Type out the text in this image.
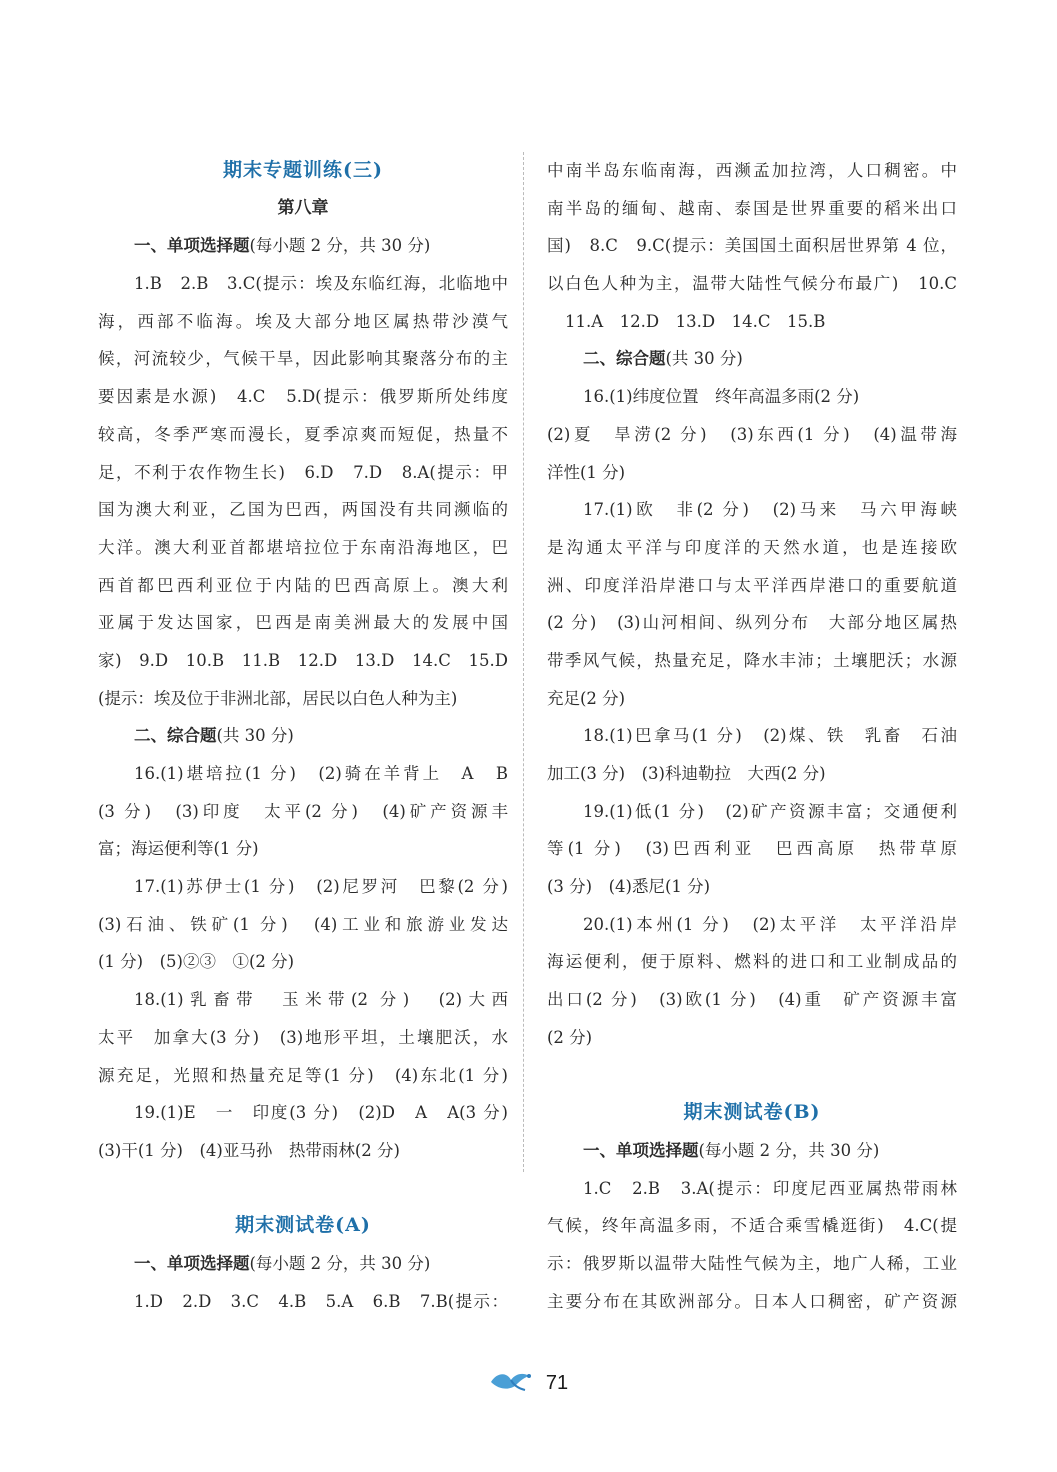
期末专题训练(三)
第八章
一、单项选择题(每小题 2 分，共 30 分)
1.B　2.B　3.C(提示：埃及东临红海，北临地中
海，西部不临海。埃及大部分地区属热带沙漠气
候，河流较少，气候干旱，因此影响其聚落分布的主
要因素是水源)　4.C　5.D(提示：俄罗斯所处纬度
较高，冬季严寒而漫长，夏季凉爽而短促，热量不
足，不利于农作物生长)　6.D　7.D　8.A(提示：甲
国为澳大利亚，乙国为巴西，两国没有共同濒临的
大洋。澳大利亚首都堪培拉位于东南沿海地区，巴
西首都巴西利亚位于内陆的巴西高原上。澳大利
亚属于发达国家，巴西是南美洲最大的发展中国
家)　9.D　10.B　11.B　12.D　13.D　14.C　15.D
(提示：埃及位于非洲北部，居民以白色人种为主)
二、综合题(共 30 分)
16.(1)堪培拉(1 分)　(2)骑在羊背上　A　B
(3 分)　(3)印度　太平(2 分)　(4)矿产资源丰
富；海运便利等(1 分)
17.(1)苏伊士(1 分)　(2)尼罗河　巴黎(2 分)
(3)石油、铁矿(1 分)　(4)工业和旅游业发达
(1 分)　(5)②③　①(2 分)
18.(1)乳畜带　玉米带(2 分)　(2)大西
太平　加拿大(3 分)　(3)地形平坦，土壤肥沃，水
源充足，光照和热量充足等(1 分)　(4)东北(1 分)
19.(1)E　一　印度(3 分)　(2)D　A　A(3 分)
(3)干(1 分)　(4)亚马孙　热带雨林(2 分)
期末测试卷(A)
一、单项选择题(每小题 2 分，共 30 分)
1.D　2.D　3.C　4.B　5.A　6.B　7.B(提示：
中南半岛东临南海，西濒孟加拉湾，人口稠密。中
南半岛的缅甸、越南、泰国是世界重要的稻米出口
国)　8.C　9.C(提示：美国国土面积居世界第 4 位，
以白色人种为主，温带大陆性气候分布最广)　10.C
11.A　12.D　13.D　14.C　15.B
二、综合题(共 30 分)
16.(1)纬度位置　终年高温多雨(2 分)
(2)夏　旱涝(2 分)　(3)东西(1 分)　(4)温带海
洋性(1 分)
17.(1)欧　非(2 分)　(2)马来　马六甲海峡
是沟通太平洋与印度洋的天然水道，也是连接欧
洲、印度洋沿岸港口与太平洋西岸港口的重要航道
(2 分)　(3)山河相间、纵列分布　大部分地区属热
带季风气候，热量充足，降水丰沛；土壤肥沃；水源
充足(2 分)
18.(1)巴拿马(1 分)　(2)煤、铁　乳畜　石油
加工(3 分)　(3)科迪勒拉　大西(2 分)
19.(1)低(1 分)　(2)矿产资源丰富；交通便利
等(1 分)　(3)巴西利亚　巴西高原　热带草原
(3 分)　(4)悉尼(1 分)
20.(1)本州(1 分)　(2)太平洋　太平洋沿岸
海运便利，便于原料、燃料的进口和工业制成品的
出口(2 分)　(3)欧(1 分)　(4)重　矿产资源丰富
(2 分)
期末测试卷(B)
一、单项选择题(每小题 2 分，共 30 分)
1.C　2.B　3.A(提示：印度尼西亚属热带雨林
气候，终年高温多雨，不适合乘雪橇逛街)　4.C(提
示：俄罗斯以温带大陆性气候为主，地广人稀，工业
主要分布在其欧洲部分。日本人口稠密，矿产资源
71
